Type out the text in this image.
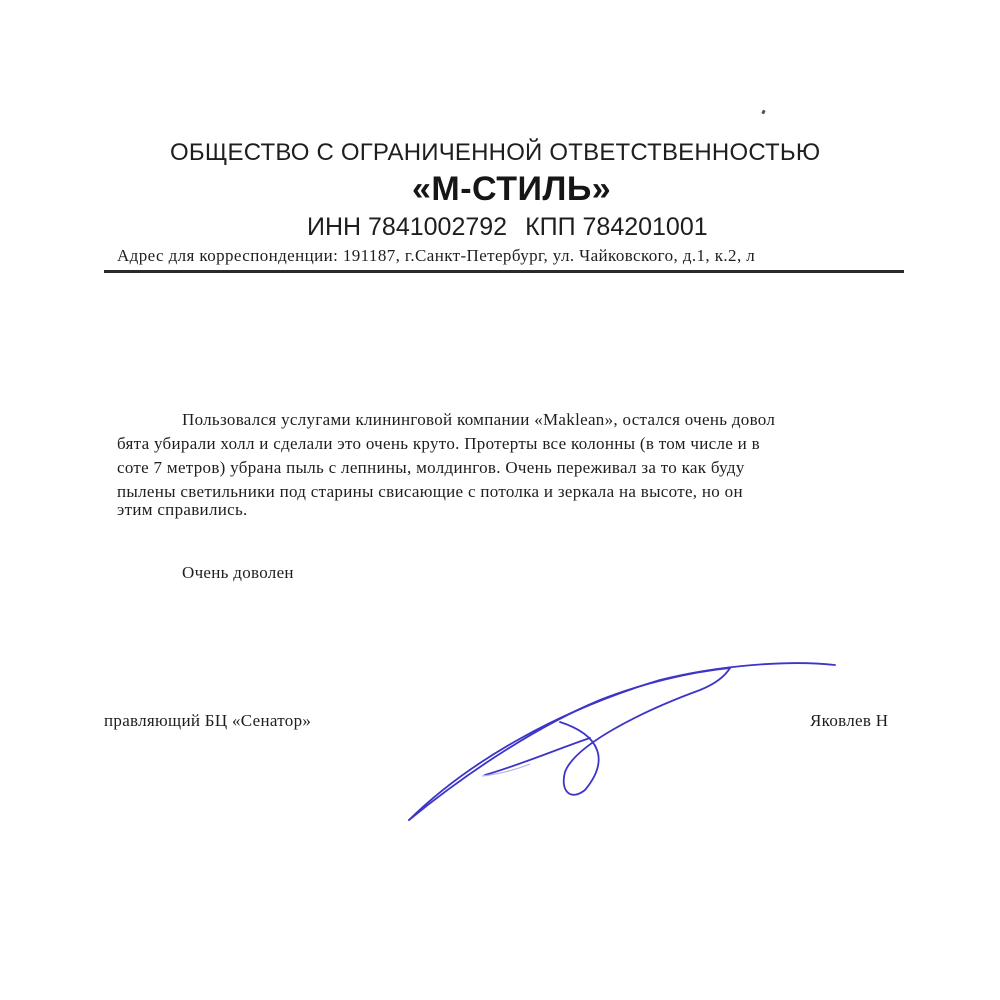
ОБЩЕСТВО С ОГРАНИЧЕННОЙ ОТВЕТСТВЕННОСТЬЮ
«М-СТИЛЬ»
ИНН 7841002792 КПП 784201001
Адрес для корреспонденции: 191187, г.Санкт-Петербург, ул. Чайковского, д.1, к.2, л
Пользовался услугами клининговой компании «Maklean», остался очень довол
бята убирали холл и сделали это очень круто. Протерты все колонны (в том числе и в
соте 7 метров) убрана пыль с лепнины, молдингов. Очень переживал за то как буду
пылены светильники под старины свисающие с потолка и зеркала на высоте, но он
этим справились.
Очень доволен
правляющий БЦ «Сенатор»	Яковлев Н
